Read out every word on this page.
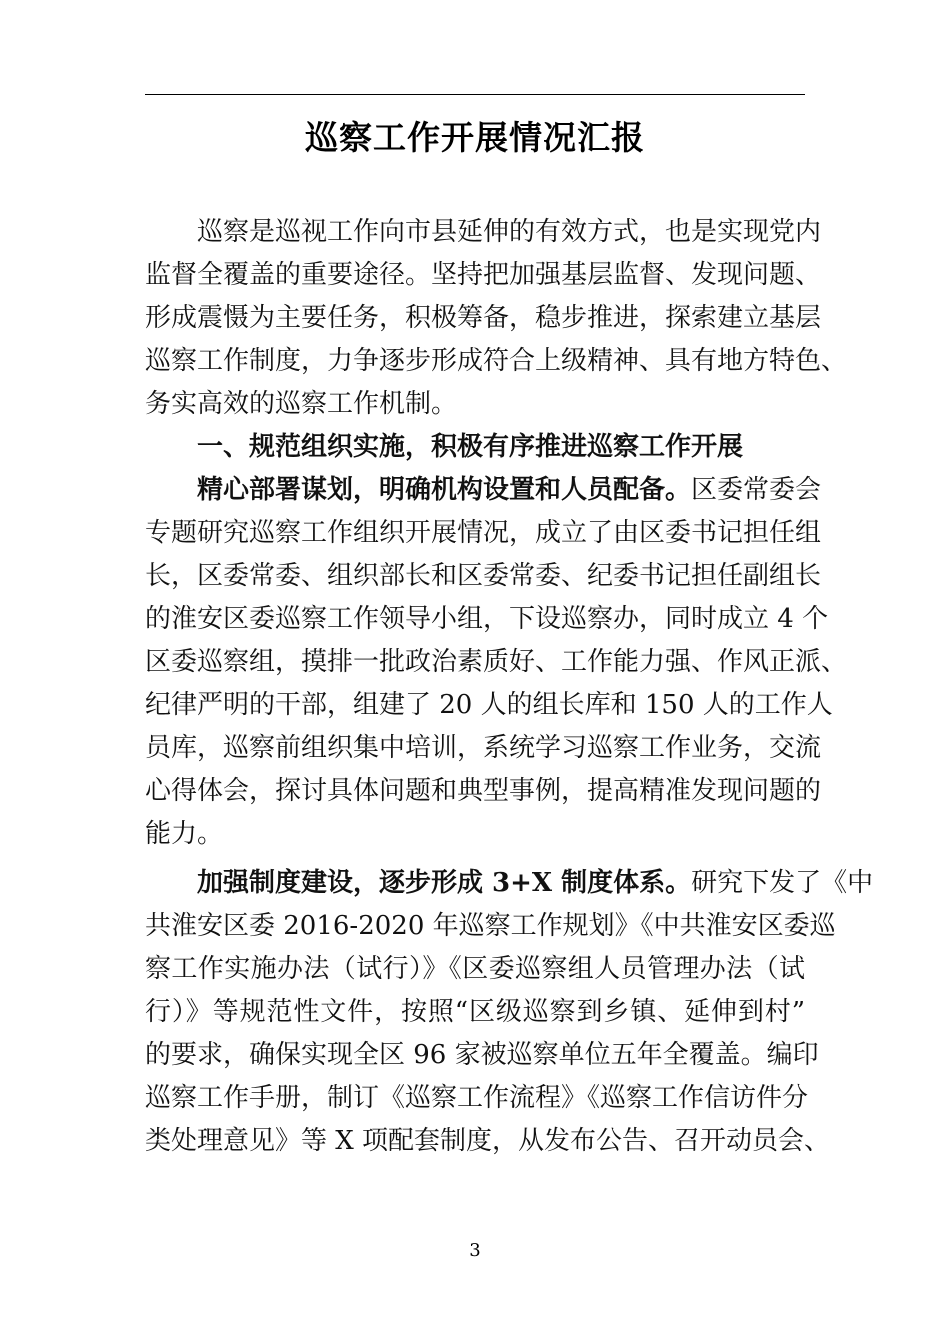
巡察工作开展情况汇报
巡察是巡视工作向市县延伸的有效方式，也是实现党内
监督全覆盖的重要途径。坚持把加强基层监督、发现问题、
形成震慑为主要任务，积极筹备，稳步推进，探索建立基层
巡察工作制度，力争逐步形成符合上级精神、具有地方特色、
务实高效的巡察工作机制。
一、规范组织实施，积极有序推进巡察工作开展
精心部署谋划，明确机构设置和人员配备。区委常委会
专题研究巡察工作组织开展情况，成立了由区委书记担任组
长，区委常委、组织部长和区委常委、纪委书记担任副组长
的淮安区委巡察工作领导小组，下设巡察办，同时成立 4 个
区委巡察组，摸排一批政治素质好、工作能力强、作风正派、
纪律严明的干部，组建了 20 人的组长库和 150 人的工作人
员库，巡察前组织集中培训，系统学习巡察工作业务，交流
心得体会，探讨具体问题和典型事例，提高精准发现问题的
能力。
加强制度建设，逐步形成 3+X 制度体系。研究下发了《中
共淮安区委 2016-2020 年巡察工作规划》《中共淮安区委巡
察工作实施办法（试行）》《区委巡察组人员管理办法（试
行）》等规范性文件，按照“区级巡察到乡镇、延伸到村”
的要求，确保实现全区 96 家被巡察单位五年全覆盖。编印
巡察工作手册，制订《巡察工作流程》《巡察工作信访件分
类处理意见》等 X 项配套制度，从发布公告、召开动员会、
3
